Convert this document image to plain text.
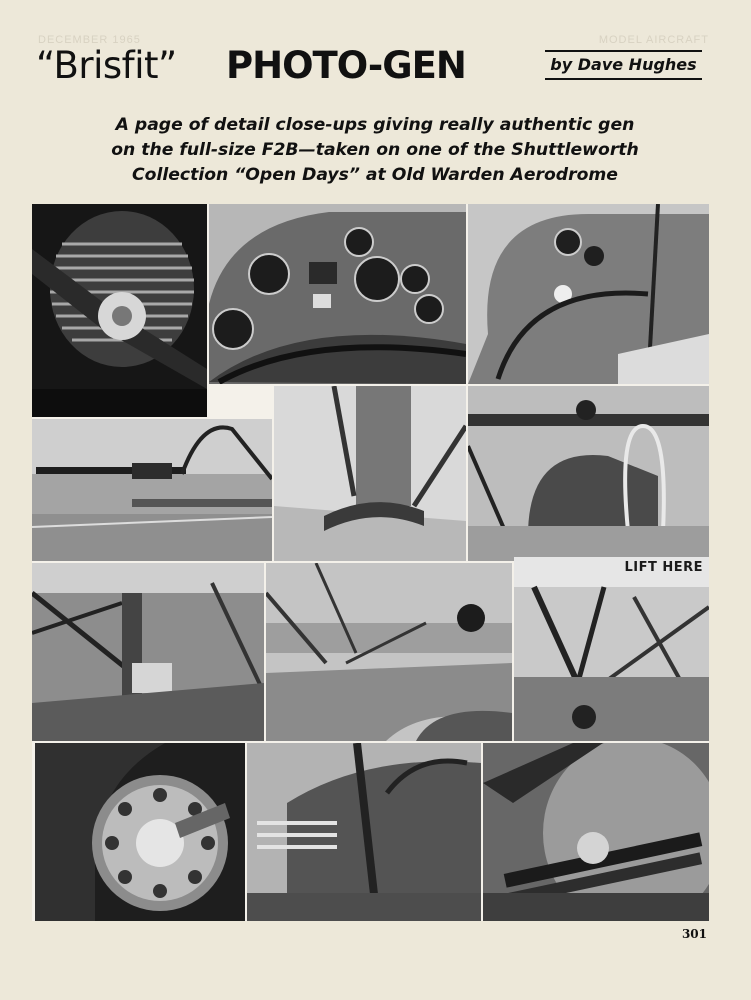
DECEMBER 1965	MODEL AIRCRAFT
“Brisfit” PHOTO-GEN	by Dave Hughes
A page of detail close-ups giving really authentic gen
on the full-size F2B—taken on one of the Shuttleworth
Collection “Open Days” at Old Warden Aerodrome
LIFT HERE
301
